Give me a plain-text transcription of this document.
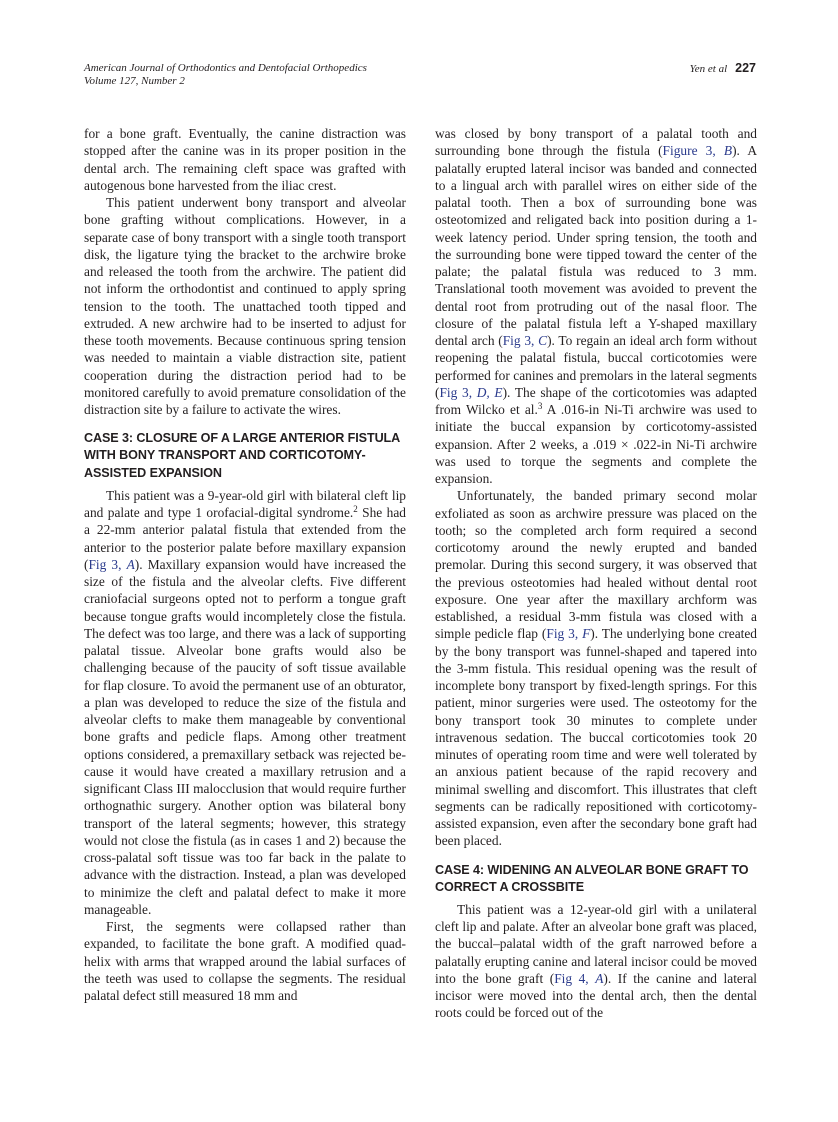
American Journal of Orthodontics and Dentofacial Orthopedics
Volume 127, Number 2
Yen et al 227

for a bone graft. Eventually, the canine distraction was stopped after the canine was in its proper position in the dental arch. The remaining cleft space was grafted with autogenous bone harvested from the iliac crest.

This patient underwent bony transport and alveolar bone grafting without complications. However, in a separate case of bony transport with a single tooth transport disk, the ligature tying the bracket to the archwire broke and released the tooth from the archwire. The patient did not inform the orthodontist and continued to apply spring tension to the tooth. The unattached tooth tipped and extruded. A new archwire had to be inserted to adjust for these tooth movements. Because continuous spring tension was needed to maintain a viable distraction site, patient cooperation during the distraction period had to be monitored carefully to avoid premature consolidation of the distraction site by a failure to activate the wires.

CASE 3: CLOSURE OF A LARGE ANTERIOR FISTULA WITH BONY TRANSPORT AND CORTICOTOMY-ASSISTED EXPANSION

This patient was a 9-year-old girl with bilateral cleft lip and palate and type 1 orofacial-digital syndrome.$^2$ She had a 22-mm anterior palatal fistula that extended from the anterior to the posterior palate before maxillary expansion (Fig 3, A). Maxillary expansion would have increased the size of the fistula and the alveolar clefts. Five different craniofacial surgeons opted not to perform a tongue graft because tongue grafts would incompletely close the fistula. The defect was too large, and there was a lack of supporting palatal tissue. Alveolar bone grafts would also be challenging because of the paucity of soft tissue available for flap closure. To avoid the permanent use of an obturator, a plan was developed to reduce the size of the fistula and alveolar clefts to make them manageable by conventional bone grafts and pedicle flaps. Among other treatment options considered, a premaxillary setback was rejected because it would have created a maxillary retrusion and a significant Class III malocclusion that would require further orthognathic surgery. Another option was bilateral bony transport of the lateral segments; however, this strategy would not close the fistula (as in cases 1 and 2) because the cross-palatal soft tissue was too far back in the palate to advance with the distraction. Instead, a plan was developed to minimize the cleft and palatal defect to make it more manageable.

First, the segments were collapsed rather than expanded, to facilitate the bone graft. A modified quad-helix with arms that wrapped around the labial surfaces of the teeth was used to collapse the segments. The residual palatal defect still measured 18 mm and

was closed by bony transport of a palatal tooth and surrounding bone through the fistula (Figure 3, B). A palatally erupted lateral incisor was banded and connected to a lingual arch with parallel wires on either side of the palatal tooth. Then a box of surrounding bone was osteotomized and religated back into position during a 1-week latency period. Under spring tension, the tooth and the surrounding bone were tipped toward the center of the palate; the palatal fistula was reduced to 3 mm. Translational tooth movement was avoided to prevent the dental root from protruding out of the nasal floor. The closure of the palatal fistula left a Y-shaped maxillary dental arch (Fig 3, C). To regain an ideal arch form without reopening the palatal fistula, buccal corticotomies were performed for canines and premolars in the lateral segments (Fig 3, D, E). The shape of the corticotomies was adapted from Wilcko et al.$^3$ A .016-in Ni-Ti archwire was used to initiate the buccal expansion by corticotomy-assisted expansion. After 2 weeks, a .019 × .022-in Ni-Ti archwire was used to torque the segments and complete the expansion.

Unfortunately, the banded primary second molar exfoliated as soon as archwire pressure was placed on the tooth; so the completed arch form required a second corticotomy around the newly erupted and banded premolar. During this second surgery, it was observed that the previous osteotomies had healed without dental root exposure. One year after the maxillary archform was established, a residual 3-mm fistula was closed with a simple pedicle flap (Fig 3, F). The underlying bone created by the bony transport was funnel-shaped and tapered into the 3-mm fistula. This residual opening was the result of incomplete bony transport by fixed-length springs. For this patient, minor surgeries were used. The osteotomy for the bony transport took 30 minutes to complete under intravenous sedation. The buccal corticotomies took 20 minutes of operating room time and were well tolerated by an anxious patient because of the rapid recovery and minimal swelling and discomfort. This illustrates that cleft segments can be radically repositioned with corticotomy-assisted expansion, even after the secondary bone graft had been placed.

CASE 4: WIDENING AN ALVEOLAR BONE GRAFT TO CORRECT A CROSSBITE

This patient was a 12-year-old girl with a unilateral cleft lip and palate. After an alveolar bone graft was placed, the buccal–palatal width of the graft narrowed before a palatally erupting canine and lateral incisor could be moved into the bone graft (Fig 4, A). If the canine and lateral incisor were moved into the dental arch, then the dental roots could be forced out of the
